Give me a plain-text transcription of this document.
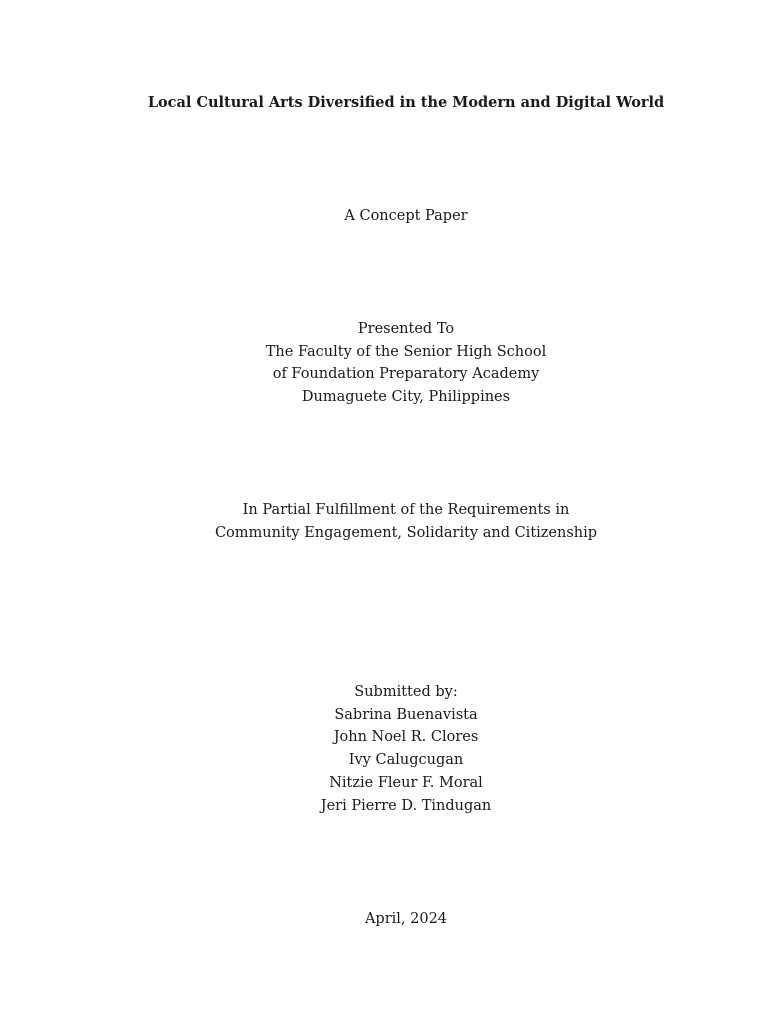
Local Cultural Arts Diversified in the Modern and Digital World
A Concept Paper
Presented To
The Faculty of the Senior High School
of Foundation Preparatory Academy
Dumaguete City, Philippines
In Partial Fulfillment of the Requirements in
Community Engagement, Solidarity and Citizenship
Submitted by:
Sabrina Buenavista
John Noel R. Clores
Ivy Calugcugan
Nitzie Fleur F. Moral
Jeri Pierre D. Tindugan
April, 2024
